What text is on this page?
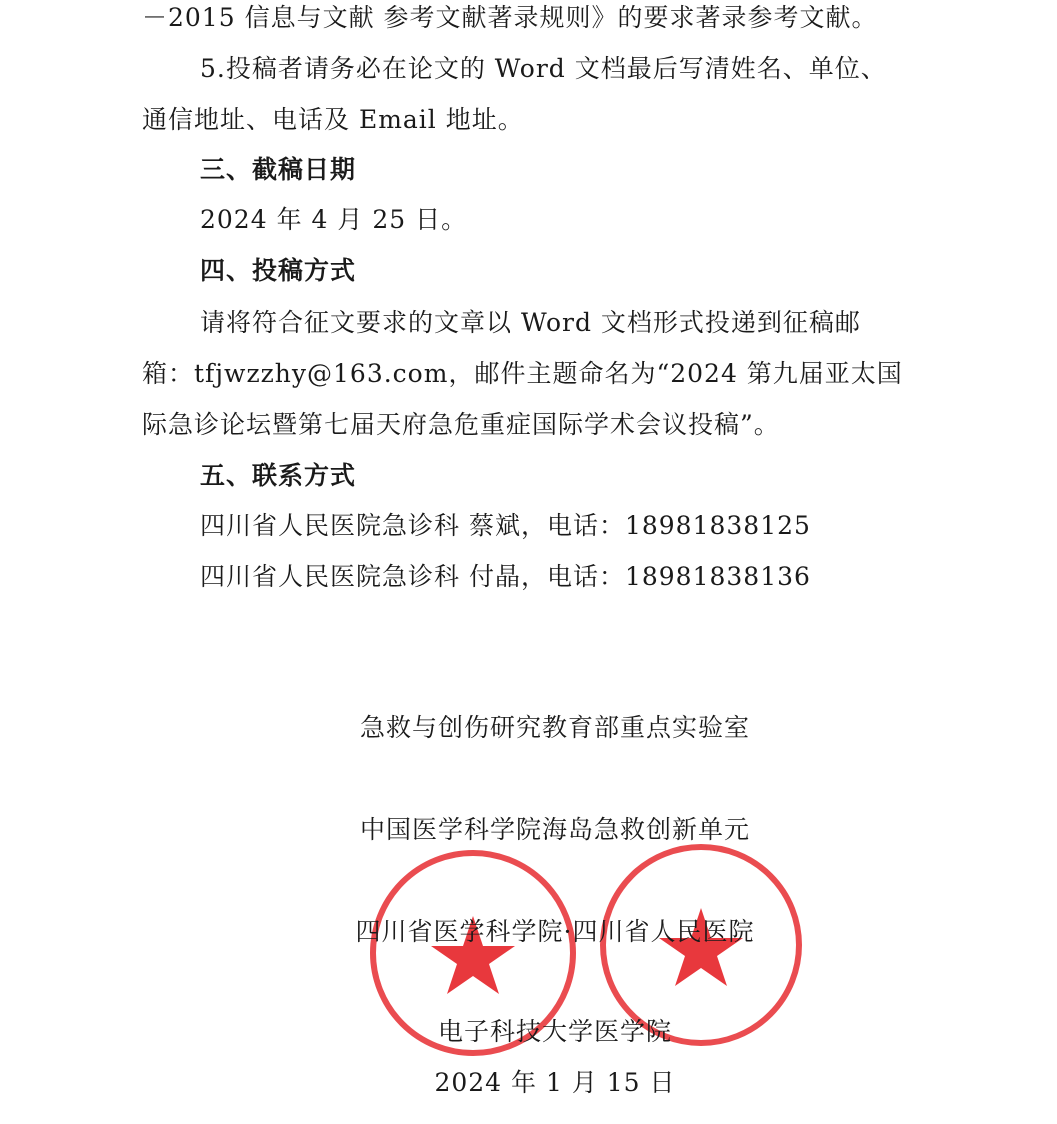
－2015 信息与文献 参考文献著录规则》的要求著录参考文献。
5.投稿者请务必在论文的 Word 文档最后写清姓名、单位、
通信地址、电话及 Email 地址。
三、截稿日期
2024 年 4 月 25 日。
四、投稿方式
请将符合征文要求的文章以 Word 文档形式投递到征稿邮
箱：tfjwzzhy@163.com，邮件主题命名为“2024 第九届亚太国
际急诊论坛暨第七届天府急危重症国际学术会议投稿”。
五、联系方式
四川省人民医院急诊科 蔡斌，电话：18981838125
四川省人民医院急诊科 付晶，电话：18981838136
急救与创伤研究教育部重点实验室
中国医学科学院海岛急救创新单元
四川省医学科学院·四川省人民医院
电子科技大学医学院
2024 年 1 月 15 日
